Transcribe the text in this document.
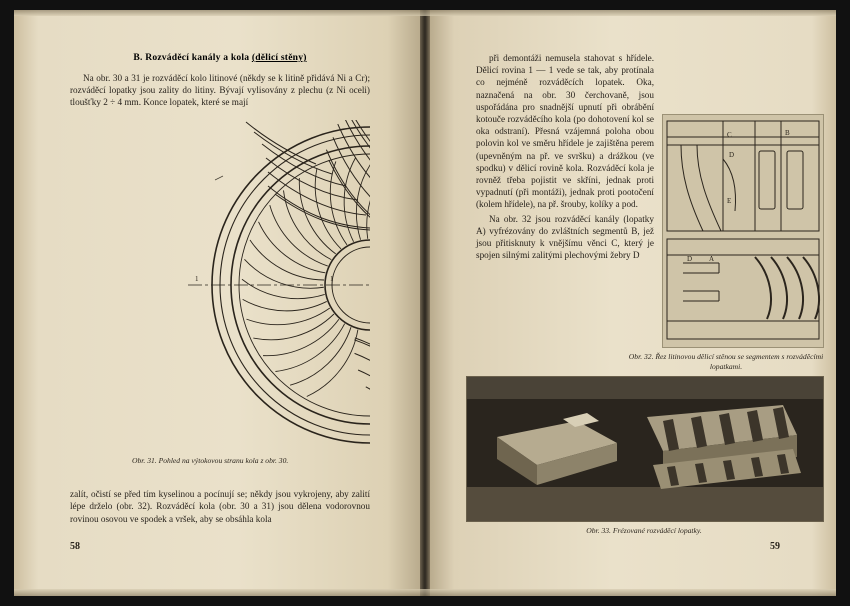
B. Rozváděcí kanály a kola (dělicí stěny)

Na obr. 30 a 31 je rozváděcí kolo litinové (někdy se k litině přidává Ni a Cr); rozváděcí lopatky jsou zality do litiny. Bývají vylisovány z plechu (z Ni oceli) tloušťky 2 ÷ 4 mm. Konce lopatek, které se mají

1	1
Obr. 31. Pohled na výtokovou stranu kola z obr. 30.

zalít, očistí se před tím kyselinou a pocínují se; někdy jsou vykrojeny, aby zalití lépe drželo (obr. 32). Rozváděcí kola (obr. 30 a 31) jsou dělena vodorovnou rovinou osovou ve spodek a vršek, aby se obsáhla kola

58

při demontáži nemusela stahovat s hřídele. Dělicí rovina 1 — 1 vede se tak, aby protínala co nejméně rozváděcích lopatek. Oka, naznačená na obr. 30 čerchovaně, jsou uspořádána pro snadnější upnutí při obrábění kotouče rozváděcího kola (po dohotovení kol se oka odstraní). Přesná vzájemná poloha obou polovin kol ve směru hřídele je zajištěna perem (upevněným na př. ve svršku) a drážkou (ve spodku) v dělicí rovině kola. Rozváděcí kola je rovněž třeba pojistit ve skříni, jednak proti vypadnutí (při montáži), jednak proti pootočení (kolem hřídele), na př. šrouby, kolíky a pod.

Na obr. 32 jsou rozváděcí kanály (lopatky A) vyfrézovány do zvláštních segmentů B, jež jsou přitisknuty k vnějšímu věnci C, který je spojen silnými zalitými plechovými žebry D

C	B
D
E
D A
Obr. 32. Řez litinovou dělicí stěnou se segmentem s rozváděcími lopatkami.
Obr. 33. Frézované rozváděcí lopatky.
59
